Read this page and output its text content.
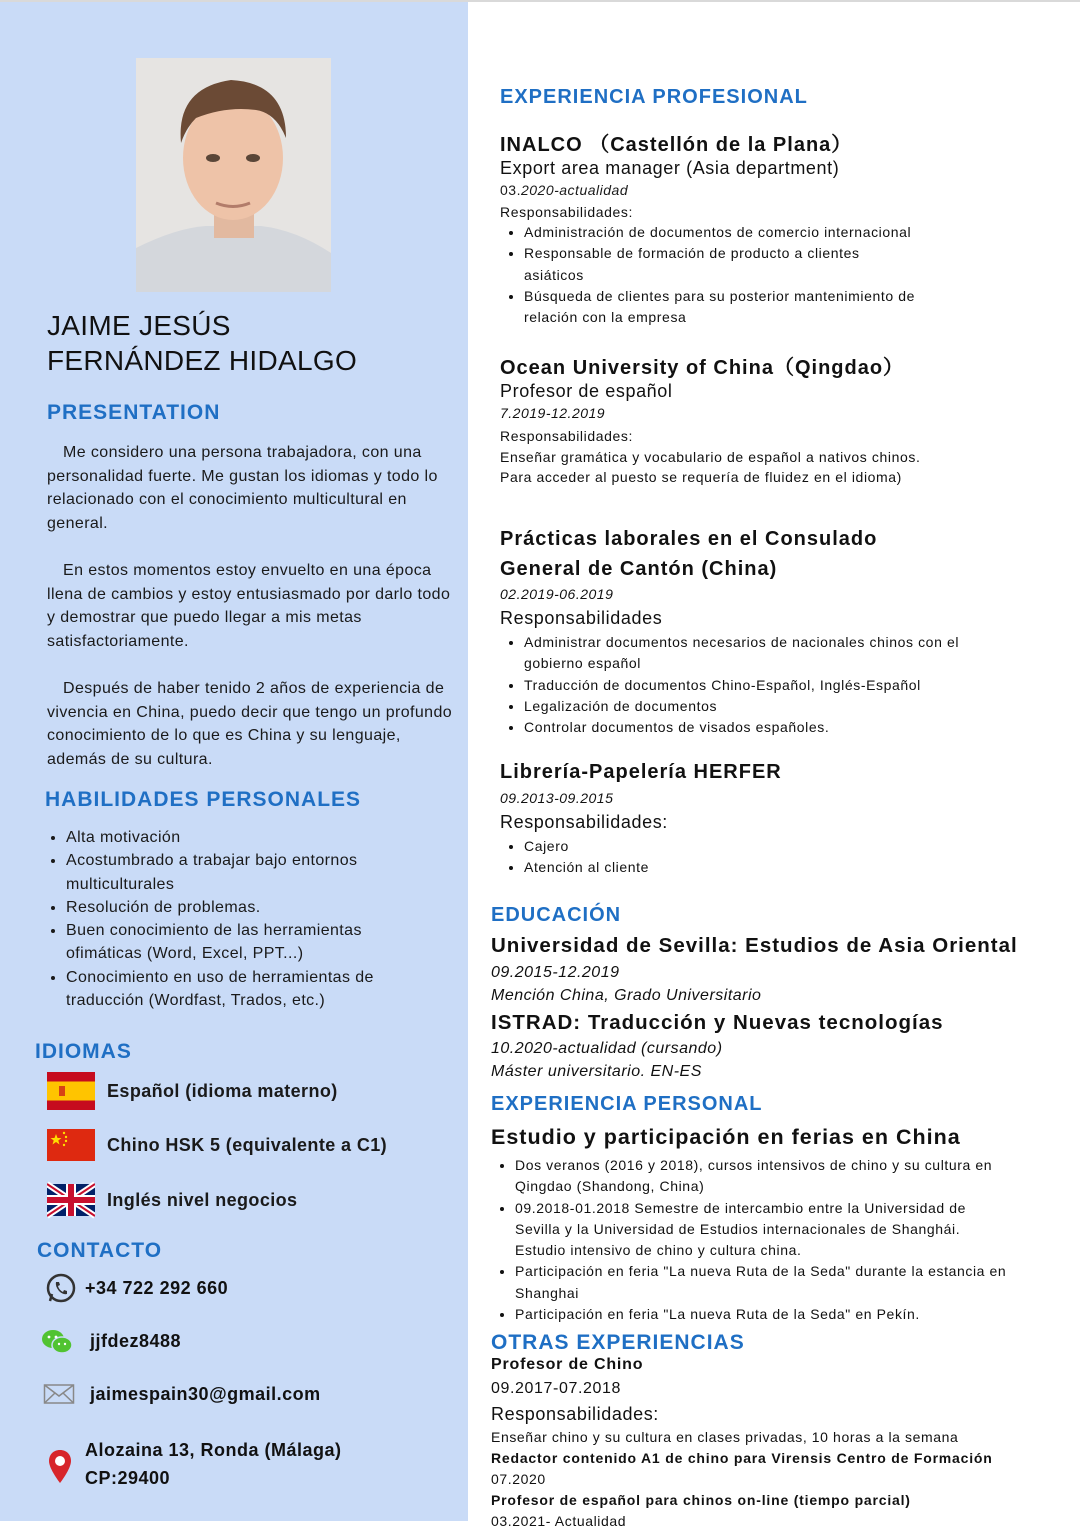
JAIME JESÚS
FERNÁNDEZ HIDALGO
PRESENTATION

Me considero una persona trabajadora, con una personalidad fuerte. Me gustan los idiomas y todo lo relacionado con el conocimiento multicultural en general.

En estos momentos estoy envuelto en una época llena de cambios y estoy entusiasmado por darlo todo y demostrar que puedo llegar a mis metas satisfactoriamente.

Después de haber tenido 2 años de experiencia de vivencia en China, puedo decir que tengo un profundo conocimiento de lo que es China y su lenguaje, además de su cultura.

HABILIDADES PERSONALES
• Alta motivación
• Acostumbrado a trabajar bajo entornos multiculturales
• Resolución de problemas.
• Buen conocimiento de las herramientas ofimáticas (Word, Excel, PPT...)
• Conocimiento en uso de herramientas de traducción (Wordfast, Trados, etc.)
IDIOMAS
Español (idioma materno)
Chino HSK 5 (equivalente a C1)
Inglés nivel negocios
CONTACTO
+34 722 292 660
jjfdez8488
jaimespain30@gmail.com
Alozaina 13, Ronda (Málaga)
CP:29400
EXPERIENCIA PROFESIONAL
INALCO （Castellón de la Plana）
Export area manager (Asia department)
03.2020-actualidad
Responsabilidades:
• Administración de documentos de comercio internacional
• Responsable de formación de producto a clientes asiáticos
• Búsqueda de clientes para su posterior mantenimiento de relación con la empresa
Ocean University of China（Qingdao）
Profesor de español
7.2019-12.2019
Responsabilidades:
Enseñar gramática y vocabulario de español a nativos chinos.
Para acceder al puesto se requería de fluidez en el idioma)
Prácticas laborales en el Consulado
General de Cantón (China)
02.2019-06.2019
Responsabilidades
• Administrar documentos necesarios de nacionales chinos con el gobierno español
• Traducción de documentos Chino-Español, Inglés-Español
• Legalización de documentos
• Controlar documentos de visados españoles.
Librería-Papelería HERFER
09.2013-09.2015
Responsabilidades:
• Cajero
• Atención al cliente
EDUCACIÓN
Universidad de Sevilla: Estudios de Asia Oriental
09.2015-12.2019
Mención China, Grado Universitario
ISTRAD: Traducción y Nuevas tecnologías
10.2020-actualidad (cursando)
Máster universitario. EN-ES
EXPERIENCIA PERSONAL
Estudio y participación en ferias en China
• Dos veranos (2016 y 2018), cursos intensivos de chino y su cultura en Qingdao (Shandong, China)
• 09.2018-01.2018 Semestre de intercambio entre la Universidad de Sevilla y la Universidad de Estudios internacionales de Shanghái. Estudio intensivo de chino y cultura china.
• Participación en feria "La nueva Ruta de la Seda" durante la estancia en Shanghai
• Participación en feria "La nueva Ruta de la Seda" en Pekín.
OTRAS EXPERIENCIAS
Profesor de Chino
09.2017-07.2018
Responsabilidades:
Enseñar chino y su cultura en clases privadas, 10 horas a la semana
Redactor contenido A1 de chino para Virensis Centro de Formación
07.2020
Profesor de español para chinos on-line (tiempo parcial)
03.2021- Actualidad
